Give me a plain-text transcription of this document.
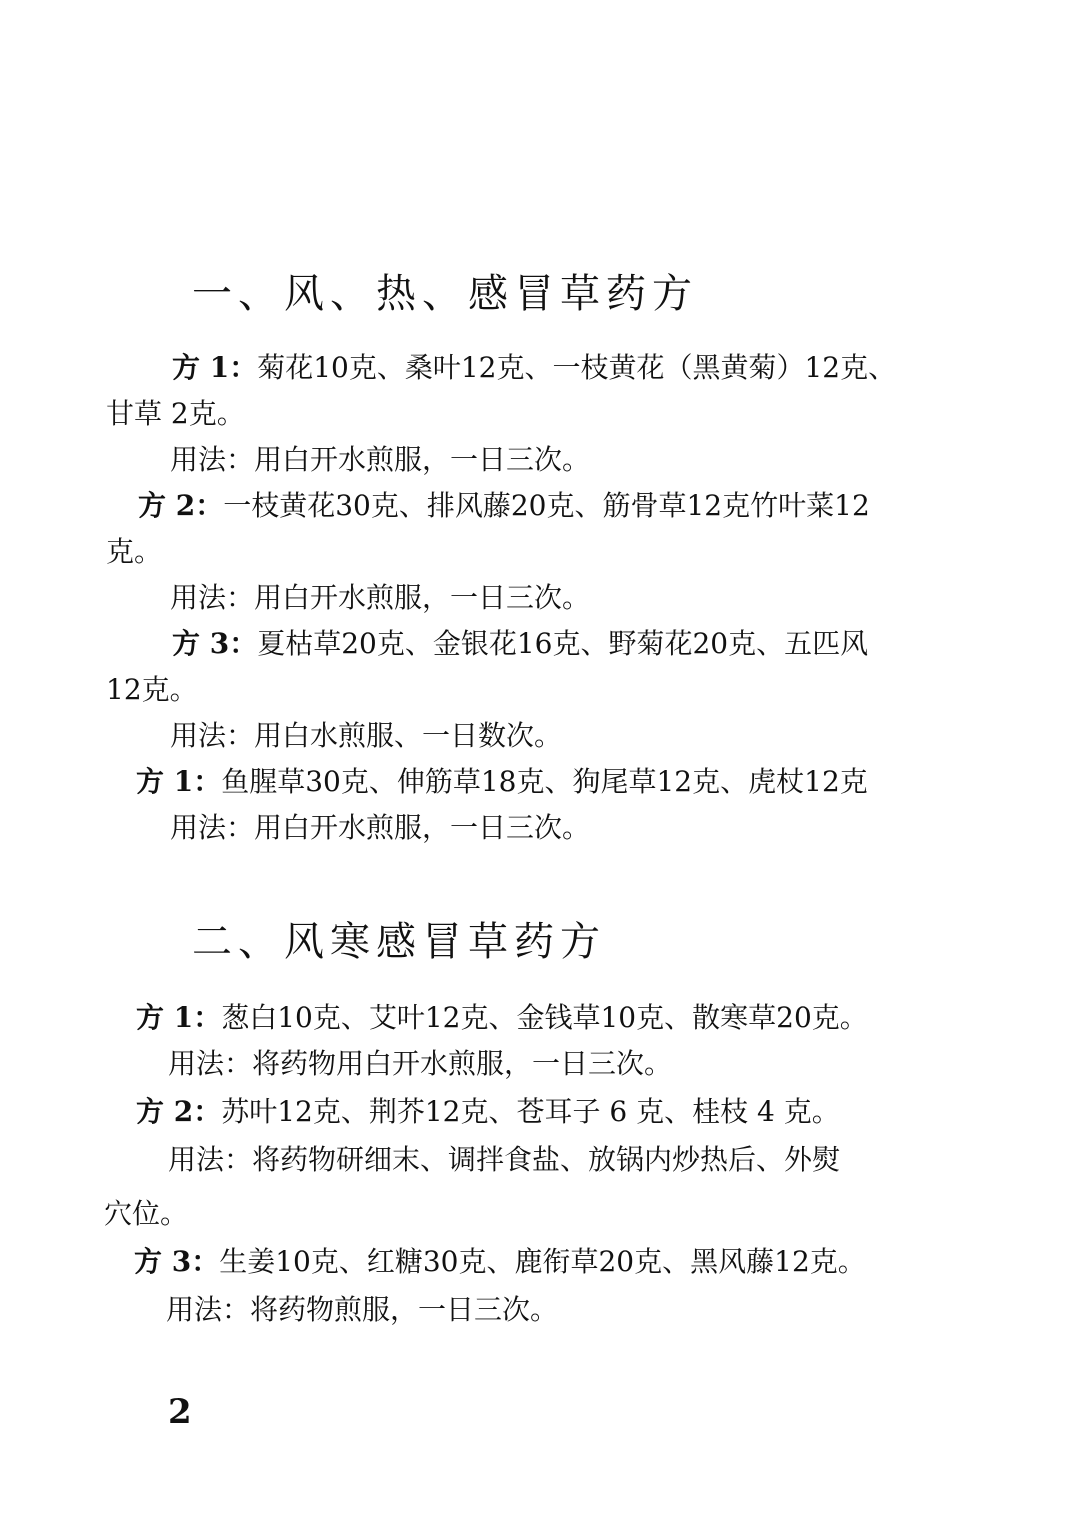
一、风、热、感冒草药方
方 1：菊花10克、桑叶12克、一枝黄花（黑黄菊）12克、
甘草 2克。
用法：用白开水煎服，一日三次。
方 2：一枝黄花30克、排风藤20克、筋骨草12克竹叶菜12
克。
用法：用白开水煎服，一日三次。
方 3：夏枯草20克、金银花16克、野菊花20克、五匹风
12克。
用法：用白水煎服、一日数次。
方 1：鱼腥草30克、伸筋草18克、狗尾草12克、虎杖12克
用法：用白开水煎服，一日三次。
二、风寒感冒草药方
方 1：葱白10克、艾叶12克、金钱草10克、散寒草20克。
用法：将药物用白开水煎服，一日三次。
方 2：苏叶12克、荆芥12克、苍耳子 6 克、桂枝 4 克。
用法：将药物研细末、调拌食盐、放锅内炒热后、外熨
穴位。
方 3：生姜10克、红糖30克、鹿衔草20克、黑风藤12克。
用法：将药物煎服，一日三次。
2
